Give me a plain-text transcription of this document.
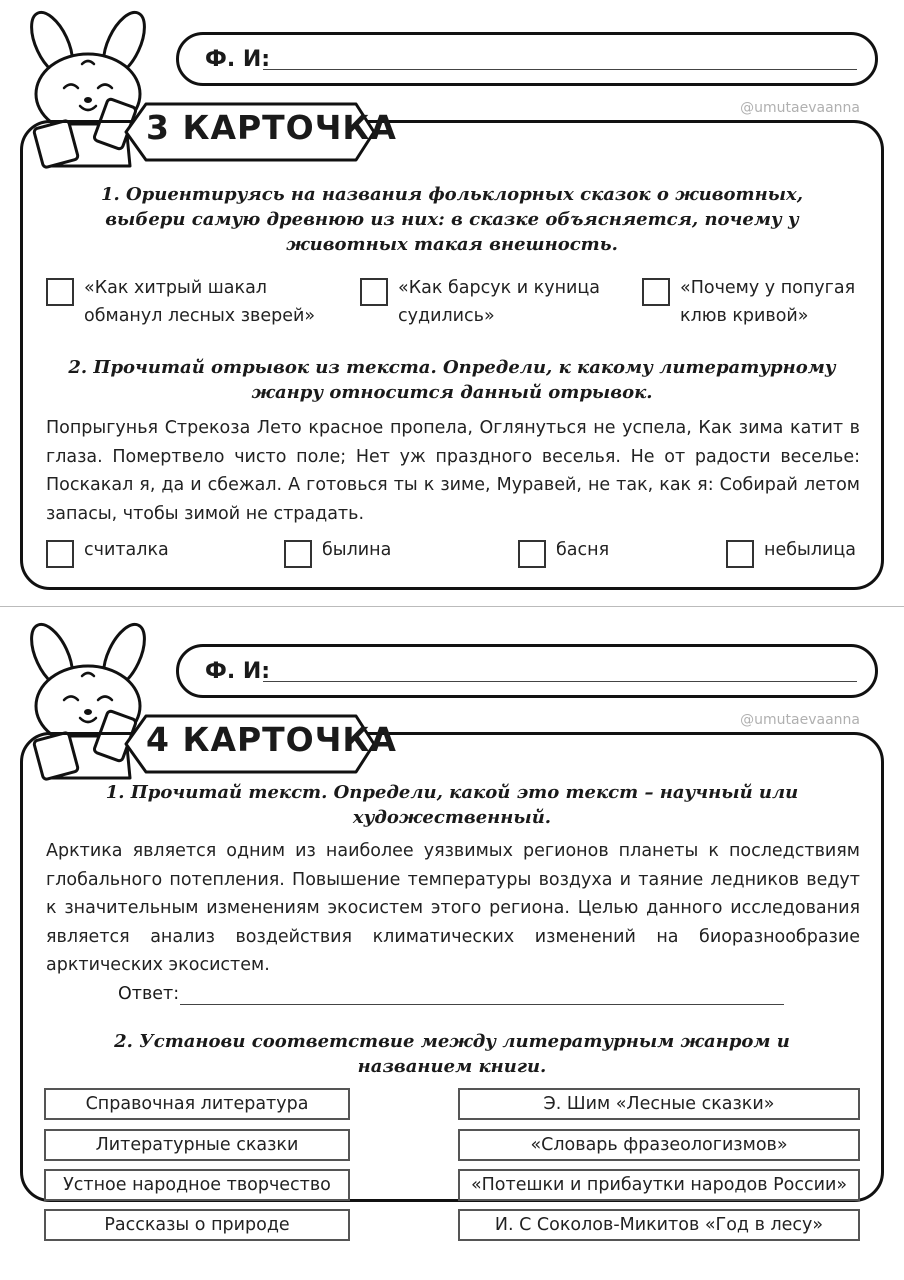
Ф. И:
@umutaevaanna
3 КАРТОЧКА

1. Ориентируясь на названия фольклорных сказок о животных, выбери самую древнюю из них: в сказке объясняется, почему у животных такая внешность.

«Как хитрый шакал
обманул лесных зверей»
«Как барсук и куница
судились»
«Почему у попугая
клюв кривой»

2. Прочитай отрывок из текста. Определи, к какому литературному жанру относится данный отрывок.

Попрыгунья Стрекоза Лето красное пропела, Оглянуться не успела, Как зима катит в глаза. Помертвело чисто поле; Нет уж праздного веселья. Не от радости веселье: Поскакал я, да и сбежал. А готовься ты к зиме, Муравей, не так, как я: Собирай летом запасы, чтобы зимой не страдать.

считалка	былина	басня	небылица
Ф. И:
@umutaevaanna
4 КАРТОЧКА

1. Прочитай текст. Определи, какой это текст – научный или художественный.

Арктика является одним из наиболее уязвимых регионов планеты к последствиям глобального потепления. Повышение температуры воздуха и таяние ледников ведут к значительным изменениям экосистем этого региона. Целью данного исследования является анализ воздействия климатических изменений на биоразнообразие арктических экосистем.

Ответ:

2. Установи соответствие между литературным жанром и названием книги.

Справочная литература
Литературные сказки
Устное народное творчество
Рассказы о природе
Э. Шим «Лесные сказки»
«Словарь фразеологизмов»
«Потешки и прибаутки народов России»
И. С Соколов-Микитов «Год в лесу»
